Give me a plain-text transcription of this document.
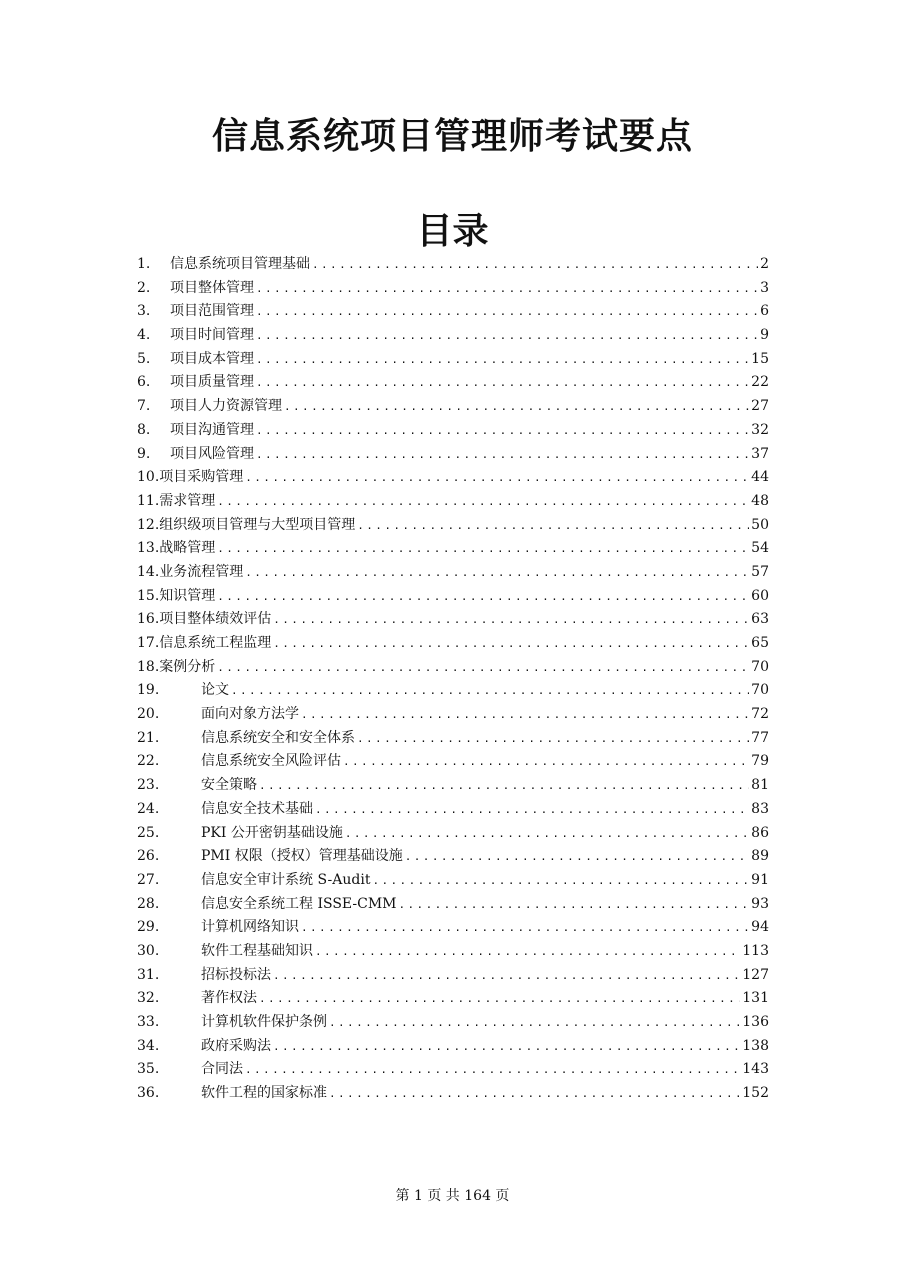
信息系统项目管理师考试要点
目录
1.	信息系统项目管理基础 .....	2
2.	项目整体管理 .....	3
3.	项目范围管理 .....	6
4.	项目时间管理 .....	9
5.	项目成本管理 .....	15
6.	项目质量管理 .....	22
7.	项目人力资源管理 .....	27
8.	项目沟通管理 .....	32
9.	项目风险管理 .....	37
10. 项目采购管理 .....	44
11. 需求管理 .....	48
12. 组织级项目管理与大型项目管理 .....	50
13. 战略管理 .....	54
14. 业务流程管理 .....	57
15. 知识管理 .....	60
16. 项目整体绩效评估 .....	63
17. 信息系统工程监理 .....	65
18. 案例分析 .....	70
19.	论文 .....	70
20.	面向对象方法学 .....	72
21.	信息系统安全和安全体系 .....	77
22.	信息系统安全风险评估 .....	79
23.	安全策略 .....	81
24.	信息安全技术基础 .....	83
25.	PKI 公开密钥基础设施 .....	86
26.	PMI 权限（授权）管理基础设施 .....	89
27.	信息安全审计系统 S-Audit .....	91
28.	信息安全系统工程 ISSE-CMM .....	93
29.	计算机网络知识 .....	94
30.	软件工程基础知识 .....	113
31.	招标投标法 .....	127
32.	著作权法 .....	131
33.	计算机软件保护条例 .....	136
34.	政府采购法 .....	138
35.	合同法 .....	143
36.	软件工程的国家标准 .....	152

第 1 页 共 164 页
